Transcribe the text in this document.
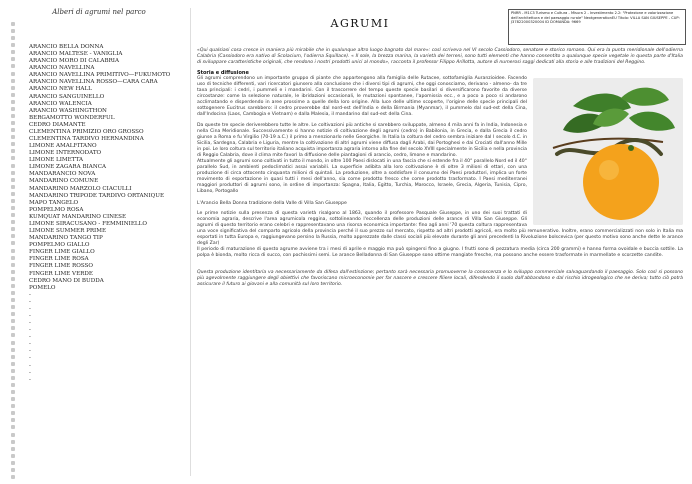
Alberi di agrumi nel parco
ARANCIO BELLA DONNA
ARANCIO MALTESE - VANIGLIA
ARANCIO MORO DI CALABRIA
ARANCIO NAVELLINA
ARANCIO NAVELLINA PRIMITIVO—FUKUMOTO
ARANCIO NAVELLINA ROSSO—CARA CARA
ARANCIO NEW HALL
ARANCIO SANGUINELLO
ARANCIO WALENCIA
ARANCIO WASHINGTHON
BERGAMOTTO WONDERFUL
CEDRO DIAMANTE
CLEMENTINA PRIMIZIO ORO GROSSO
CLEMENTINA TARDIVO HERNANDINA
LIMONE AMALFITANO
LIMONE INTERNODATO
LIMONE LIMETTA
LIMONE ZAGARA BIANCA
MANDARANCIO NOVA
MANDARINO COMUNE
MANDARINO MARZOLO CIACULLI
MANDARINO TRIPODE TARDIVO ORTANIQUE
MAPO TANGELO
POMPELMO ROSA
KUMQUAT MANDARINO CINESE
LIMONE SIRACUSANO - FEMMINIELLO
LIMONE SUMMER PRIME
MANDARINO TANGO TIP
POMPELMO GIALLO
FINGER LIME GIALLO
FINGER LIME ROSA
FINGER LIME ROSSO
FINGER LIME VERDE
CEDRO MANO DI BUDDA
POMELO
-
-
-
-
-
-
-
-
-
-
-
-
-
AGRUMI
PNRR - M1C3 Turismo e Cultura - Misura 2 - Investimento 2.2: "Protezione e valorizzazione dell'architettura e del paesaggio rurale" NextgenerationEU Titolo: VILLA SAN GIUSEPPE - CUP: J37822000320004 ID DOMANDA: 9669

«Qui qualsiasi cosa cresce in maniera più mirabile che in qualunque altro luogo bagnato dal mare»: così scriveva nel VI secolo Cassiodoro, senatore e storico romano. Qui era la punta meridionale dell'odierna Calabria (Cassiodoro era nativo di Scolacium, l'odierna Squillace). « Il sole, la brezza marina, la varietà dei terreni, sono tutti elementi che hanno consentito a qualunque specie vegetale in questa parte d'Italia di sviluppare caratteristiche originali, che rendono i nostri prodotti unici al mondo», racconta il professor Filippo Arillotta, autore di numerosi saggi dedicati alla storia e alle tradizioni del Reggino.

Storia e diffusione

Gli agrumi comprendono un importante gruppo di piante che appartengono alla famiglia delle Rutacee, sottofamiglia Auranzioidee. Facendo uso di tecniche differenti, vari ricercatori giunsero alla conclusione che i diversi tipi di agrumi, che oggi conosciamo, derivano - almeno- da tre taxa principali: i cedri, i pummeli e i mandarini. Con il trascorrere del tempo queste specie basilari si diversificarono favorite da diverse circostanze: come la selezione naturale, le ibridazioni occasionali, le mutazioni spontanee, l'apomissia ecc., e a poco a poco si andarono acclimatando e disperdendo in aree prossime a quelle della loro origine. Alla luce delle ultime scoperte, l'origine delle specie principali del sottogenere Eucitrus sarebbero: il cedro proverebbe dal nord-est dell'India e della Birmania (Myanmar), il pummelo dal sud-est della Cina, dall'Indocina (Laos, Cambogia e Vietnam) e dalla Malesia, il mandarino dal sud-est della Cina.

Da queste tre specie deriverebbero tutte le altre. Le coltivazioni più antiche si sarebbero sviluppate, almeno 4 mila anni fa in India, Indonesia e nella Cina Meridionale. Successivamente si hanno notizie di coltivazione degli agrumi (cedro) in Babilonia, in Grecia, e dalla Grecia il cedro giunse a Roma e fu Virgilio (70-19 a.C.) il primo a menzionarlo nelle Georgiche. In Italia la coltura del cedro sembra iniziare dal I secolo d.C. in Sicilia, Sardegna, Calabria e Liguria, mentre la coltivazione di altri agrumi viene diffusa dagli Arabi, dai Portoghesi e dai Crociati dall'anno Mille in poi. Le loro coltura sul territorio italiano acquista importanza agraria intorno alla fine del secolo XVIII specialmente in Sicilia e nella provincia di Reggio Calabria, dove il clima mite favorì la diffusione delle piantagioni di arancio, cedro, limone e mandarino.

Attualmente gli agrumi sono coltivati in tutto il mondo, in oltre 100 Paesi dislocati in una fascia che si estende fra il 40° parallelo Nord ed il 40° parallelo Sud, in ambienti pedoclimatici assai variabili. La superficie adibita alla loro coltivazione è di oltre 3 milioni di ettari, con una produzione di circa ottocento cinquanta milioni di quintali. La produzione, oltre a soddisfare il consumo dei Paesi produttori, implica un forte movimento di esportazione in quasi tutti i mesi dell'anno, sia come prodotto fresco che come prodotto trasformato. I Paesi mediterranei maggiori produttori di agrumi sono, in ordine di importanza: Spagna, Italia, Egitto, Turchia, Marocco, Israele, Grecia, Algeria, Tunisia, Cipro, Libano, Portogallo

L'Arancio Bella Donna tradizione della Valle di Villa San Giuseppe

Le prime notizie sulla presenza di questa varietà risalgono al 1863, quando il professore Pasquale Giuseppe, in uno dei suoi trattati di economia agraria, descrive l'area agrumicola reggina, sottolineando l'eccellenza delle produzioni delle arance di Villa San Giuseppe. Gli agrumi di questo territorio erano celebri e rappresentavano una risorsa economica importante: fino agli anni '70 questa coltura rappresentava una voce significativa del comparto agricolo della provincia perché il suo prezzo sul mercato, rispetto ad altri prodotti agricoli, era molto più remunerativo. Inoltre, erano commercializzati non solo in Italia ma esportati in tutta Europa e, raggiungevano persino la Russia, molto apprezzate dalle classi sociali più elevate durante gli anni precedenti la Rivoluzione bolscevica (per questo motivo sono anche dette le arance degli Zar)

Il periodo di maturazione di questo agrume avviene tra i mesi di aprile e maggio ma può spingersi fino a giugno. I frutti sono di pezzatura media (circa 200 grammi) e hanno forma ovoidale e buccia sottile. La polpa è bionda, molto ricca di succo, con pochissimi semi. Le arance Belladonna di San Giuseppe sono ottime mangiate fresche, ma possono anche essere trasformate in marmellate e scorzette candite.

Questa produzione identitaria va necessariamente da difesa dall'estinzione; pertanto sarà necessaria promuoverne la conoscenza e lo sviluppo commerciale salvaguardando il paesaggio. Solo così si possono più agevolmente raggiungere degli obiettivi che favoriscano microeconomie per far nascere e crescere filiere locali, difendendo il suolo dall'abbandono e dal rischio idrogeologico che ne deriva; tutto ciò potrà assicurare il futuro ai giovani e alla comunità sul loro territorio.
